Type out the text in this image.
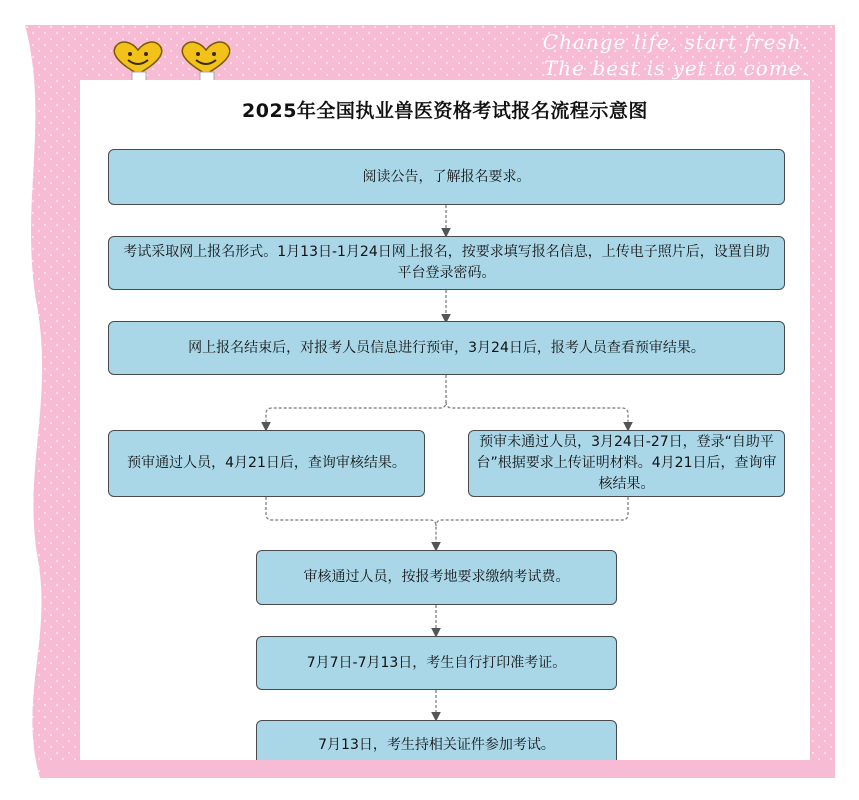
Change life, start fresh.
The best is yet to come.
2025年全国执业兽医资格考试报名流程示意图
阅读公告，了解报名要求。
考试采取网上报名形式。1月13日-1月24日网上报名，按要求填写报名信息，上传电子照片后，设置自助平台登录密码。
网上报名结束后，对报考人员信息进行预审，3月24日后，报考人员查看预审结果。
预审通过人员，4月21日后，查询审核结果。
预审未通过人员，3月24日-27日，登录“自助平台”根据要求上传证明材料。4月21日后，查询审核结果。
审核通过人员，按报考地要求缴纳考试费。
7月7日-7月13日，考生自行打印准考证。
7月13日，考生持相关证件参加考试。
